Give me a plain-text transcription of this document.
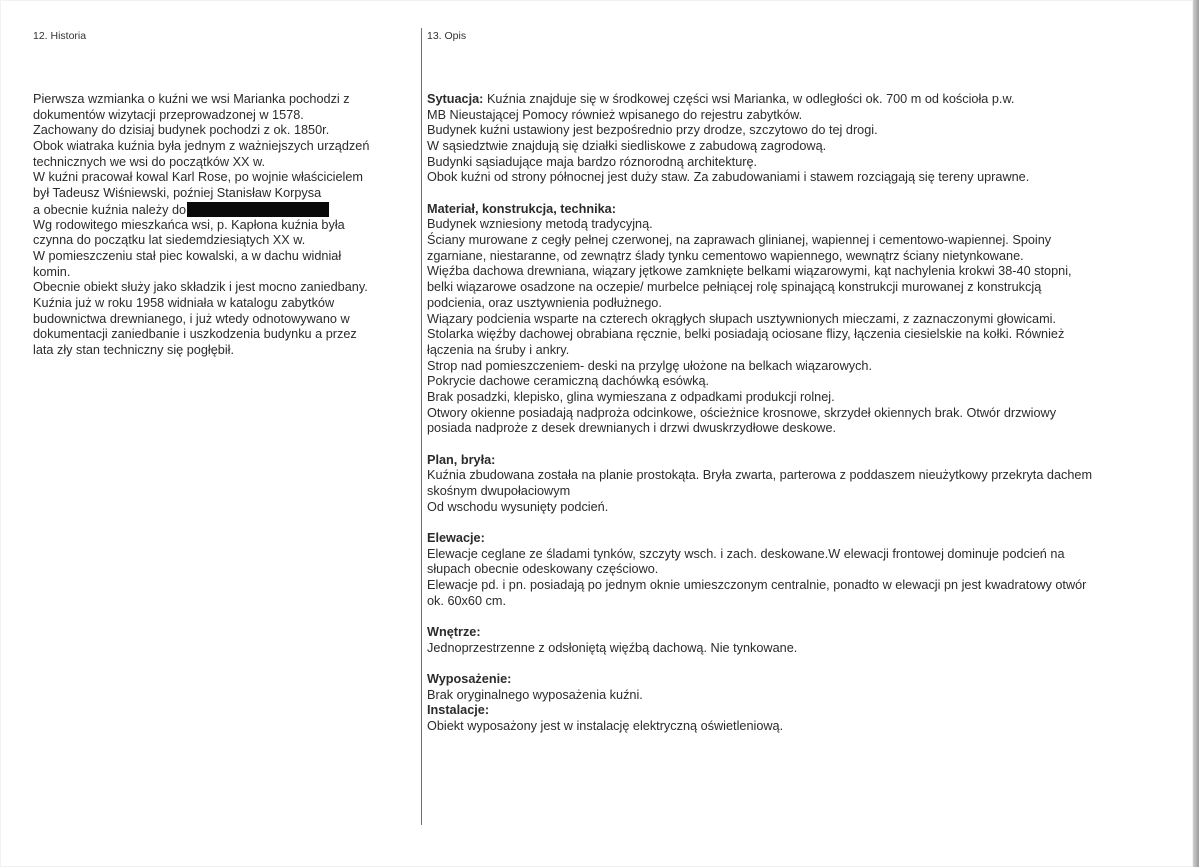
12. Historia	13. Opis
Pierwsza wzmianka o kuźni we wsi Marianka pochodzi z
dokumentów wizytacji przeprowadzonej w 1578.
Zachowany do dzisiaj budynek pochodzi z ok. 1850r.
Obok wiatraka kuźnia była jednym z ważniejszych urządzeń
technicznych we wsi do początków XX w.
W kuźni pracował kowal Karl Rose, po wojnie właścicielem
był Tadeusz Wiśniewski, poźniej Stanisław Korpysa
a obecnie kuźnia należy do
Wg rodowitego mieszkańca wsi, p. Kapłona kuźnia była
czynna do początku lat siedemdziesiątych XX w.
W pomieszczeniu stał piec kowalski, a w dachu widniał
komin.
Obecnie obiekt służy jako składzik i jest mocno zaniedbany.
Kuźnia już w roku 1958 widniała w katalogu zabytków
budownictwa drewnianego, i już wtedy odnotowywano w
dokumentacji zaniedbanie i uszkodzenia budynku a przez
lata zły stan techniczny się pogłębił.
Sytuacja: Kuźnia znajduje się w środkowej części wsi Marianka, w odległości ok. 700 m od kościoła p.w.
MB Nieustającej Pomocy również wpisanego do rejestru zabytków.
Budynek kuźni ustawiony jest bezpośrednio przy drodze, szczytowo do tej drogi.
W sąsiedztwie znajdują się działki siedliskowe z zabudową zagrodową.
Budynki sąsiadujące maja bardzo róznorodną architekturę.
Obok kuźni od strony północnej jest duży staw. Za zabudowaniami i stawem rozciągają się tereny uprawne.
Materiał, konstrukcja, technika:
Budynek wzniesiony metodą tradycyjną.
Ściany murowane z cegły pełnej czerwonej, na zaprawach glinianej, wapiennej i cementowo-wapiennej. Spoiny
zgarniane, niestaranne, od zewnątrz ślady tynku cementowo wapiennego, wewnątrz ściany nietynkowane.
Więźba dachowa drewniana, wiązary jętkowe zamknięte belkami wiązarowymi, kąt nachylenia krokwi 38-40 stopni,
belki wiązarowe osadzone na oczepie/ murbelce pełniącej rolę spinającą konstrukcji murowanej z konstrukcją
podcienia, oraz usztywnienia podłużnego.
Wiązary podcienia wsparte na czterech okrągłych słupach usztywnionych mieczami, z zaznaczonymi głowicami.
Stolarka więźby dachowej obrabiana ręcznie, belki posiadają ociosane flizy, łączenia ciesielskie na kołki. Również
łączenia na śruby i ankry.
Strop nad pomieszczeniem- deski na przylgę ułożone na belkach wiązarowych.
Pokrycie dachowe ceramiczną dachówką esówką.
Brak posadzki, klepisko, glina wymieszana z odpadkami produkcji rolnej.
Otwory okienne posiadają nadproża odcinkowe, ościeżnice krosnowe, skrzydeł okiennych brak. Otwór drzwiowy
posiada nadproże z desek drewnianych i drzwi dwuskrzydłowe deskowe.
Plan, bryła:
Kuźnia zbudowana została na planie prostokąta. Bryła zwarta, parterowa z poddaszem nieużytkowy przekryta dachem
skośnym dwupołaciowym
Od wschodu wysunięty podcień.
Elewacje:
Elewacje ceglane ze śladami tynków, szczyty wsch. i zach. deskowane.W elewacji frontowej dominuje podcień na
słupach obecnie odeskowany częściowo.
Elewacje pd. i pn. posiadają po jednym oknie umieszczonym centralnie, ponadto w elewacji pn jest kwadratowy otwór
ok. 60x60 cm.
Wnętrze:
Jednoprzestrzenne z odsłoniętą więźbą dachową. Nie tynkowane.
Wyposażenie:
Brak oryginalnego wyposażenia kuźni.
Instalacje:
Obiekt wyposażony jest w instalację elektryczną oświetleniową.
